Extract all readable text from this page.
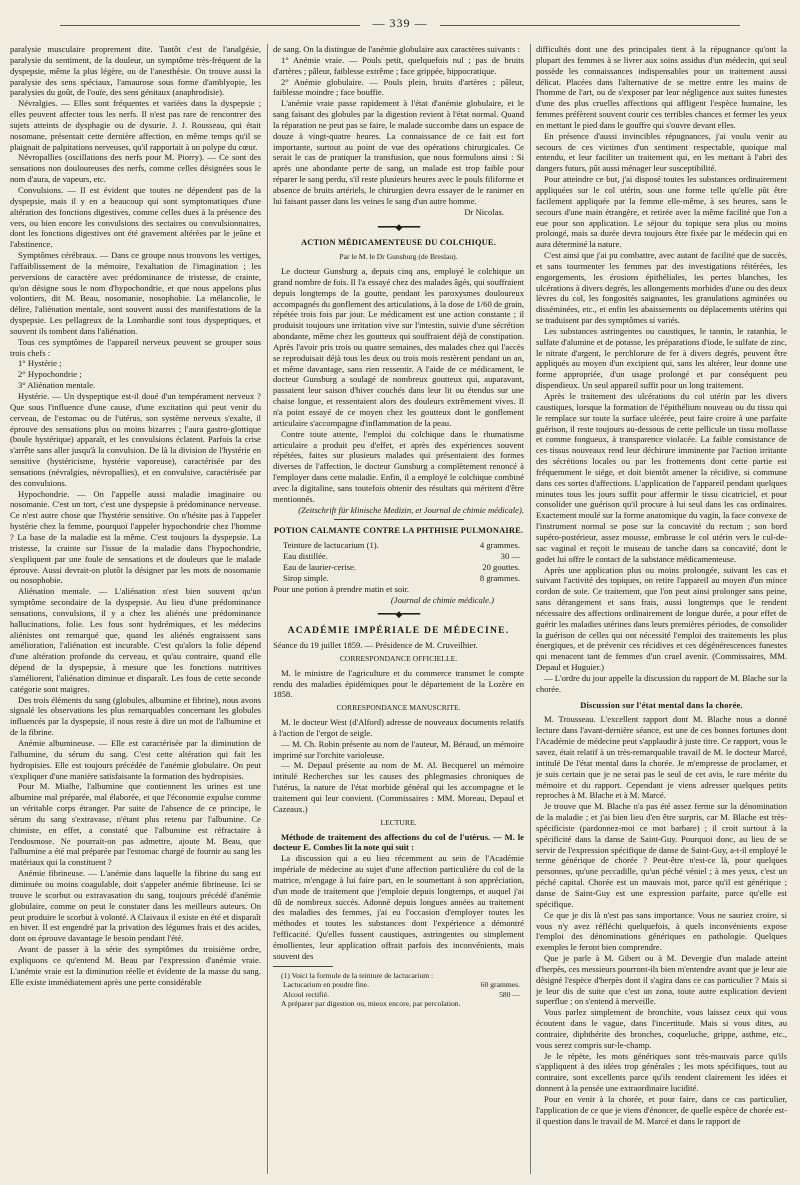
— 339 —

paralysie musculaire proprement dite. Tantôt c'est de l'analgésie, paralysie du sentiment, de la douleur, un symptôme très-fréquent de la dyspepsie, même la plus légère, ou de l'anesthésie. On trouve aussi la paralysie des sens spéciaux, l'amaurose sous forme d'amblyopie, les paralysies du goût, de l'ouïe, des sens génitaux (anaphrodisie).

Névralgies. — Elles sont fréquentes et variées dans la dyspepsie ; elles peuvent affecter tous les nerfs. Il n'est pas rare de rencontrer des sujets atteints de dysphagie ou de dysurie. J. J. Rousseau, qui était nosomane, présentait cette dernière affection, en même temps qu'il se plaignait de palpitations nerveuses, qu'il rapportait à un polype du cœur.

Névropallies (oscillations des nerfs pour M. Piorry). — Ce sont des sensations non douloureuses des nerfs, comme celles désignées sous le nom d'aura, de vapeurs, etc.

Convulsions. — Il est évident que toutes ne dépendent pas de la dyspepsie, mais il y en a beaucoup qui sont symptomatiques d'une altération des fonctions digestives, comme celles dues à la présence des vers, ou bien encore les convulsions des sectaires ou convulsionnaires, dont les fonctions digestives ont été gravement altérées par le jeûne et l'abstinence.

Symptômes cérébraux. — Dans ce groupe nous trouvons les vertiges, l'affaiblissement de la mémoire, l'exaltation de l'imagination ; les perversions de caractère avec prédominance de tristesse, de crainte, qu'on désigne sous le nom d'hypochondrie, et que nous appelons plus volontiers, dit M. Beau, nosomanie, nosophobie. La mélancolie, le délire, l'aliénation mentale, sont souvent aussi des manifestations de la dyspepsie. Les pellagreux de la Lombardie sont tous dyspeptiques, et souvent ils tombent dans l'aliénation.

Tous ces symptômes de l'appareil nerveux peuvent se grouper sous trois chefs :

1° Hystérie ;

2° Hypochondrie ;

3° Aliénation mentale.

Hystérie. — Un dyspeptique est-il doué d'un tempérament nerveux ? Que sous l'influence d'une cause, d'une excitation qui peut venir du cerveau, de l'estomac ou de l'utérus, son système nerveux s'exalte, il éprouve des sensations plus ou moins bizarres ; l'aura gastro-glottique (boule hystérique) apparaît, et les convulsions éclatent. Parfois la crise s'arrête sans aller jusqu'à la convulsion. De là la division de l'hystérie en sensitive (hystéricisme, hystérie vaporeuse), caractérisée par des sensations (névralgies, névropallies), et en convulsive, caractérisée par des convulsions.

Hypochondrie. — On l'appelle aussi maladie imaginaire ou nosomanie. C'est un tort, c'est une dyspepsie à prédominance nerveuse. Ce n'est autre chose que l'hystérie sensitive. On n'hésite pas à l'appeler hystérie chez la femme, pourquoi l'appeler hypochondrie chez l'homme ? La base de la maladie est la même. C'est toujours la dyspepsie. La tristesse, la crainte sur l'issue de la maladie dans l'hypochondrie, s'expliquent par une foule de sensations et de douleurs que le malade éprouve. Aussi devrait-on plutôt la désigner par les mots de nosomanie ou nosophobie.

Aliénation mentale. — L'aliénation n'est bien souvent qu'un symptôme secondaire de la dyspepsie. Au lieu d'une prédominance sensations, convulsions, il y a chez les aliénés une prédominance hallucinations, folie. Les fous sont hydrémiques, et les médecins aliénistes ont remarqué que, quand les aliénés engraissent sans amélioration, l'aliénation est incurable. C'est qu'alors la folie dépend d'une altération profonde du cerveau, et qu'au contraire, quand elle dépend de la dyspepsie, à mesure que les fonctions nutritives s'améliorent, l'aliénation diminue et disparaît. Les fous de cette seconde catégorie sont maigres.

Des trois éléments du sang (globules, albumine et fibrine), nous avons signalé les observations les plus remarquables concernant les globules influencés par la dyspepsie, il nous reste à dire un mot de l'albumine et de la fibrine.

Anémie albumineuse. — Elle est caractérisée par la diminution de l'albumine, du sérum du sang. C'est cette altération qui fait les hydropisies. Elle est toujours précédée de l'anémie globulaire. On peut s'expliquer d'une manière satisfaisante la formation des hydropisies.

Pour M. Mialhe, l'albumine que contiennent les urines est une albumine mal préparée, mal élaborée, et que l'économie expulse comme un véritable corps étranger. Par suite de l'absence de ce principe, le sérum du sang s'extravase, n'étant plus retenu par l'albumine. Ce chimiste, en effet, a constaté que l'albumine est réfractaire à l'endosmose. Ne pourrait-on pas admettre, ajoute M. Beau, que l'albumine a été mal préparée par l'estomac chargé de fournir au sang les matériaux qui la constituent ?

Anémie fibrineuse. — L'anémie dans laquelle la fibrine du sang est diminuée ou moins coagulable, doit s'appeler anémie fibrineuse. Ici se trouve le scorbut ou extravasation du sang, toujours précédé d'anémie globulaire, comme on peut le constater dans les meilleurs auteurs. On peut produire le scorbut à volonté. A Claivaux il existe en été et disparaît en hiver. Il est engendré par la privation des légumes frais et des acides, dont on éprouve davantage le besoin pendant l'été.

Avant de passer à la série des symptômes du troisième ordre, expliquons ce qu'entend M. Beau par l'expression d'anémie vraie. L'anémie vraie est la diminution réelle et évidente de la masse du sang. Elle existe immédiatement après une perte considérable

de sang. On la distingue de l'anémie globulaire aux caractères suivants :

1° Anémie vraie. — Pouls petit, quelquefois nul ; pas de bruits d'artères ; pâleur, faiblesse extrême ; face grippée, hippocratique.

2° Anémie globulaire. — Pouls plein, bruits d'artères ; pâleur, faiblesse moindre ; face bouffie.

L'anémie vraie passe rapidement à l'état d'anémie globulaire, et le sang faisant des globules par la digestion revient à l'état normal. Quand la réparation ne peut pas se faire, le malade succombe dans un espace de douze à vingt-quatre heures. La connaissance de ce fait est fort importante, surtout au point de vue des opérations chirurgicales. Ce serait le cas de pratiquer la transfusion, que nous formulons ainsi : Si après une abondante perte de sang, un malade est trop faible pour réparer le sang perdu, s'il reste plusieurs heures avec le pouls filiforme et absence de bruits artériels, le chirurgien devra essayer de le ranimer en lui faisant passer dans les veines le sang d'un autre homme.

Dr Nicolas.

━━━━◆━━━━

ACTION MÉDICAMENTEUSE DU COLCHIQUE.

Par le M. le Dr Gunsburg (de Breslau).

Le docteur Gunsburg a, depuis cinq ans, employé le colchique un grand nombre de fois. Il l'a essayé chez des malades âgés, qui souffraient depuis longtemps de la goutte, pendant les paroxysmes douloureux accompagnés du gonflement des articulations, à la dose de 1/60 de grain, répétée trois fois par jour. Le médicament est une action constante ; il produisit toujours une irritation vive sur l'intestin, suivie d'une sécrétion abondante, même chez les goutteux qui souffraient déjà de constipation. Après l'avoir pris trois ou quatre semaines, des malades chez qui l'accès se reproduisait déjà tous les deux ou trois mois restèrent pendant un an, et même davantage, sans rien ressentir. A l'aide de ce médicament, le docteur Gunsburg a soulagé de nombreux goutteux qui, auparavant, passaient leur saison d'hiver couchés dans leur lit ou étendus sur une chaise longue, et ressentaient alors des douleurs extrêmement vives. Il n'a point essayé de ce moyen chez les goutteux dont le gonflement articulaire s'accompagne d'inflammation de la peau.

Contre toute attente, l'emploi du colchique dans le rhumatisme articulaire a produit peu d'effet, et après des expériences souvent répétées, faites sur plusieurs malades qui présentaient des formes diverses de l'affection, le docteur Gunsburg a complètement renoncé à l'employer dans cette maladie. Enfin, il a employé le colchique combiné avec la digitaline, sans toutefois obtenir des résultats qui méritent d'être mentionnés.

(Zeitschrift für klinische Medizin, et Journal de chimie médicale).

POTION CALMANTE CONTRE LA PHTHISIE PULMONAIRE.

Teinture de lactucarium (1).	4 grammes.
Eau distillée.	30 —
Eau de laurier-cerise.	20 gouttes.
Sirop simple.	8 grammes.

Pour une potion à prendre matin et soir.

(Journal de chimie médicale.)

━━━━◆━━━━

ACADÉMIE IMPÉRIALE DE MÉDECINE.

Séance du 19 juillet 1859. — Présidence de M. Cruveilhier.

CORRESPONDANCE OFFICIELLE.

M. le ministre de l'agriculture et du commerce transmet le compte rendu des maladies épidémiques pour le département de la Lozère en 1858.

CORRESPONDANCE MANUSCRITE.

M. le docteur West (d'Alford) adresse de nouveaux documents relatifs à l'action de l'ergot de seigle.

— M. Ch. Robin présente au nom de l'auteur, M. Béraud, un mémoire imprimé sur l'orchite varioleuse.

— M. Depaul présente au nom de M. Al. Becquerel un mémoire intitulé Recherches sur les causes des phlegmasies chroniques de l'utérus, la nature de l'état morbide général qui les accompagne et le traitement qui leur convient. (Commissaires : MM. Moreau, Depaul et Cazeaux.)

LECTURE.

Méthode de traitement des affections du col de l'utérus. — M. le docteur E. Combes lit la note qui suit :

La discussion qui a eu lieu récemment au sein de l'Académie impériale de médecine au sujet d'une affection particulière du col de la matrice, m'engage à lui faire part, en le soumettant à son appréciation, d'un mode de traitement que j'emploie depuis longtemps, et auquel j'ai dû de nombreux succès. Adonné depuis longues années au traitement des maladies des femmes, j'ai eu l'occasion d'employer toutes les méthodes et toutes les substances dont l'expérience a démontré l'efficacité. Qu'elles fussent caustiques, astringentes ou simplement émollientes, leur application offrait parfois des inconvénients, mais souvent des

(1) Voici la formule de la teinture de lactucarium :

Lactucarium en poudre fine.	60 grammes.
Alcool rectifié.	580 —

A préparer par digestion ou, mieux encore, par percolation.

difficultés dont une des principales tient à la répugnance qu'ont la plupart des femmes à se livrer aux soins assidus d'un médecin, qui seul possède les connaissances indispensables pour un traitement aussi délicat. Placées dans l'alternative de se mettre entre les mains de l'homme de l'art, ou de s'exposer par leur négligence aux suites funestes d'une des plus cruelles affections qui affligent l'espèce humaine, les femmes préfèrent souvent courir ces terribles chances et fermer les yeux en mettant le pied dans le gouffre qui s'ouvre devant elles.

En présence d'aussi invincibles répugnances, j'ai voulu venir au secours de ces victimes d'un sentiment respectable, quoique mal entendu, et leur faciliter un traitement qui, en les mettant à l'abri des dangers futurs, pût aussi ménager leur susceptibilité.

Pour atteindre ce but, j'ai disposé toutes les substances ordinairement appliquées sur le col utérin, sous une forme telle qu'elle pût être facilement appliquée par la femme elle-même, à ses heures, sans le secours d'une main étrangère, et retirée avec la même facilité que l'on a eue pour son application. Le séjour du topique sera plus ou moins prolongé, mais sa durée devra toujours être fixée par le médecin qui en aura déterminé la nature.

C'est ainsi que j'ai pu combattre, avec autant de facilité que de succès, et sans tourmenter les femmes par des investigations réitérées, les engorgements, les érosions épithéliales, les pertes blanches, les ulcérations à divers degrés, les allongements morbides d'une ou des deux lèvres du col, les fongosités saignantes, les granulations agminées ou disséminées, etc., et enfin les abaissements ou déplacements utérins qui se traduisent par des symptômes si variés.

Les substances astringentes ou caustiques, le tannin, le ratanhia, le sulfate d'alumine et de potasse, les préparations d'iode, le sulfate de zinc, le nitrate d'argent, le perchlorure de fer à divers degrés, peuvent être appliqués au moyen d'un excipient qui, sans les altérer, leur donne une forme appropriée, d'un usage prolongé et par conséquent peu dispendieux. Un seul appareil suffit pour un long traitement.

Après le traitement des ulcérations du col utérin par les divers caustiques, lorsque la formation de l'épithélium nouveau ou du tissu qui le remplace sur toute la surface ulcérée, peut faire croire à une parfaite guérison, il reste toujours au-dessous de cette pellicule un tissu mollasse et comme fongueux, à transparence violacée. La faible consistance de ces tissus nouveaux rend leur déchirure imminente par l'action irritante des sécrétions locales ou par les frottements dont cette partie est fréquemment le siége, et doit bientôt amener la récidive, si commune dans ces sortes d'affections. L'application de l'appareil pendant quelques minutes tous les jours suffit pour affermir le tissu cicatriciel, et pour consolider une guérison qu'il procure à lui seul dans les cas ordinaires. Exactement moulé sur la forme anatomique du vagin, la face convexe de l'instrument normal se pose sur la concavité du rectum ; son bord supéro-postérieur, assez mousse, embrasse le col utérin vers le cul-de-sac vaginal et reçoit le museau de tanche dans sa concavité, dont le godet lui offre le contact de la substance médicamenteuse.

Après une application plus ou moins prolongée, suivant les cas et suivant l'activité des topiques, on retire l'appareil au moyen d'un mince cordon de soie. Ce traitement, que l'on peut ainsi prolonger sans peine, sans dérangement et sans frais, aussi longtemps que le rendent nécessaire des affections ordinairement de longue durée, a pour effet de guérir les maladies utérines dans leurs premières périodes, de consolider la guérison de celles qui ont nécessité l'emploi des traitements les plus énergiques, et de prévenir ces récidives et ces dégénérescences funestes qui menacent tant de femmes d'un cruel avenir. (Commissaires, MM. Depaul et Huguier.)

— L'ordre du jour appelle la discussion du rapport de M. Blache sur la chorée.

Discussion sur l'état mental dans la chorée.

M. Trousseau. L'excellent rapport dont M. Blache nous a donné lecture dans l'avant-dernière séance, est une de ces bonnes fortunes dont l'Académie de médecine peut s'applaudir à juste titre. Ce rapport, vous le savez, était relatif à un très-remarquable travail de M. le docteur Marcé, intitulé De l'état mental dans la chorée. Je m'empresse de proclamer, et je suis certain que je ne serai pas le seul de cet avis, le rare mérite du mémoire et du rapport. Cependant je viens adresser quelques petits reproches à M. Blache et à M. Marcé.

Je trouve que M. Blache n'a pas été assez ferme sur la dénomination de la maladie ; et j'ai bien lieu d'en être surpris, car M. Blache est très-spécificiste (pardonnez-moi ce mot barbare) ; il croit surtout à la spécificité dans la danse de Saint-Guy. Pourquoi donc, au lieu de se servir de l'expression spécifique de danse de Saint-Guy, a-t-il employé le terme générique de chorée ? Peut-être n'est-ce là, pour quelques personnes, qu'une peccadille, qu'un péché véniel ; à mes yeux, c'est un péché capital. Chorée est un mauvais mot, parce qu'il est générique ; danse de Saint-Guy est une expression parfaite, parce qu'elle est spécifique.

Ce que je dis là n'est pas sans importance. Vous ne sauriez croire, si vous n'y avez réfléchi quelquefois, à quels inconvénients expose l'emploi des dénominations génériques en pathologie. Quelques exemples le feront bien comprendre.

Que je parle à M. Gibert ou à M. Devergie d'un malade atteint d'herpès, ces messieurs pourront-ils bien m'entendre avant que je leur aie désigné l'espèce d'herpès dont il s'agira dans ce cas particulier ? Mais si je leur dis de suite que c'est un zona, toute autre explication devient superflue ; on s'entend à merveille.

Vous parlez simplement de bronchite, vous laissez ceux qui vous écoutent dans le vague, dans l'incertitude. Mais si vous dites, au contraire, diphthérite des bronches, coqueluche, grippe, asthme, etc., vous serez compris sur-le-champ.

Je le répète, les mots génériques sont très-mauvais parce qu'ils s'appliquent à des idées trop générales ; les mots spécifiques, tout au contraire, sont excellents parce qu'ils rendent clairement les idées et donnent à la pensée une extraordinaire lucidité.

Pour en venir à la chorée, et pour faire, dans ce cas particulier, l'application de ce que je viens d'énoncer, de quelle espèce de chorée est-il question dans le travail de M. Marcé et dans le rapport de
